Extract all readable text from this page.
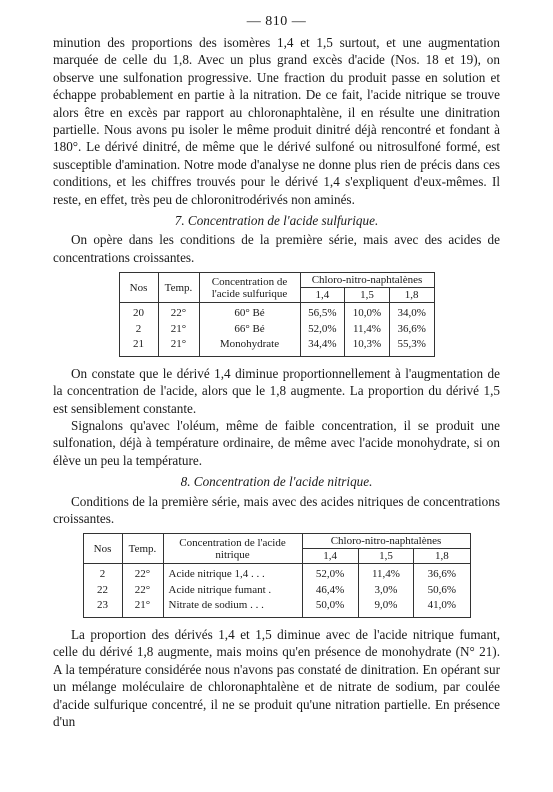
— 810 —

minution des proportions des isomères 1,4 et 1,5 surtout, et une augmentation marquée de celle du 1,8. Avec un plus grand excès d'acide (Nos. 18 et 19), on observe une sulfonation progressive. Une fraction du produit passe en solution et échappe probablement en partie à la nitration. De ce fait, l'acide nitrique se trouve alors être en excès par rapport au chloronaphtalène, il en résulte une dinitration partielle. Nous avons pu isoler le même produit dinitré déjà rencontré et fondant à 180°. Le dérivé dinitré, de même que le dérivé sulfoné ou nitrosulfoné formé, est susceptible d'amination. Notre mode d'analyse ne donne plus rien de précis dans ces conditions, et les chiffres trouvés pour le dérivé 1,4 s'expliquent d'eux-mêmes. Il reste, en effet, très peu de chloronitrodérivés non aminés.

7. Concentration de l'acide sulfurique.

On opère dans les conditions de la première série, mais avec des acides de concentrations croissantes.

Nos	Temp.	Concentration de l'acide sulfurique	Chloro-nitro-naphtalènes		
			1,4	1,5	1,8
20	22°	60° Bé	56,5%	10,0%	34,0%
2	21°	66° Bé	52,0%	11,4%	36,6%
21	21°	Monohydrate	34,4%	10,3%	55,3%

On constate que le dérivé 1,4 diminue proportionnellement à l'augmentation de la concentration de l'acide, alors que le 1,8 augmente. La proportion du dérivé 1,5 est sensiblement constante.

Signalons qu'avec l'oléum, même de faible concentration, il se produit une sulfonation, déjà à température ordinaire, de même avec l'acide monohydrate, si on élève un peu la température.

8. Concentration de l'acide nitrique.

Conditions de la première série, mais avec des acides nitriques de concentrations croissantes.

Nos	Temp.	Concentration de l'acide nitrique	Chloro-nitro-naphtalènes		
			1,4	1,5	1,8
2	22°	Acide nitrique 1,4 . . .	52,0%	11,4%	36,6%
22	22°	Acide nitrique fumant .	46,4%	3,0%	50,6%
23	21°	Nitrate de sodium . . .	50,0%	9,0%	41,0%

La proportion des dérivés 1,4 et 1,5 diminue avec de l'acide nitrique fumant, celle du dérivé 1,8 augmente, mais moins qu'en présence de monohydrate (N° 21). A la température considérée nous n'avons pas constaté de dinitration. En opérant sur un mélange moléculaire de chloronaphtalène et de nitrate de sodium, par coulée d'acide sulfurique concentré, il ne se produit qu'une nitration partielle. En présence d'un
